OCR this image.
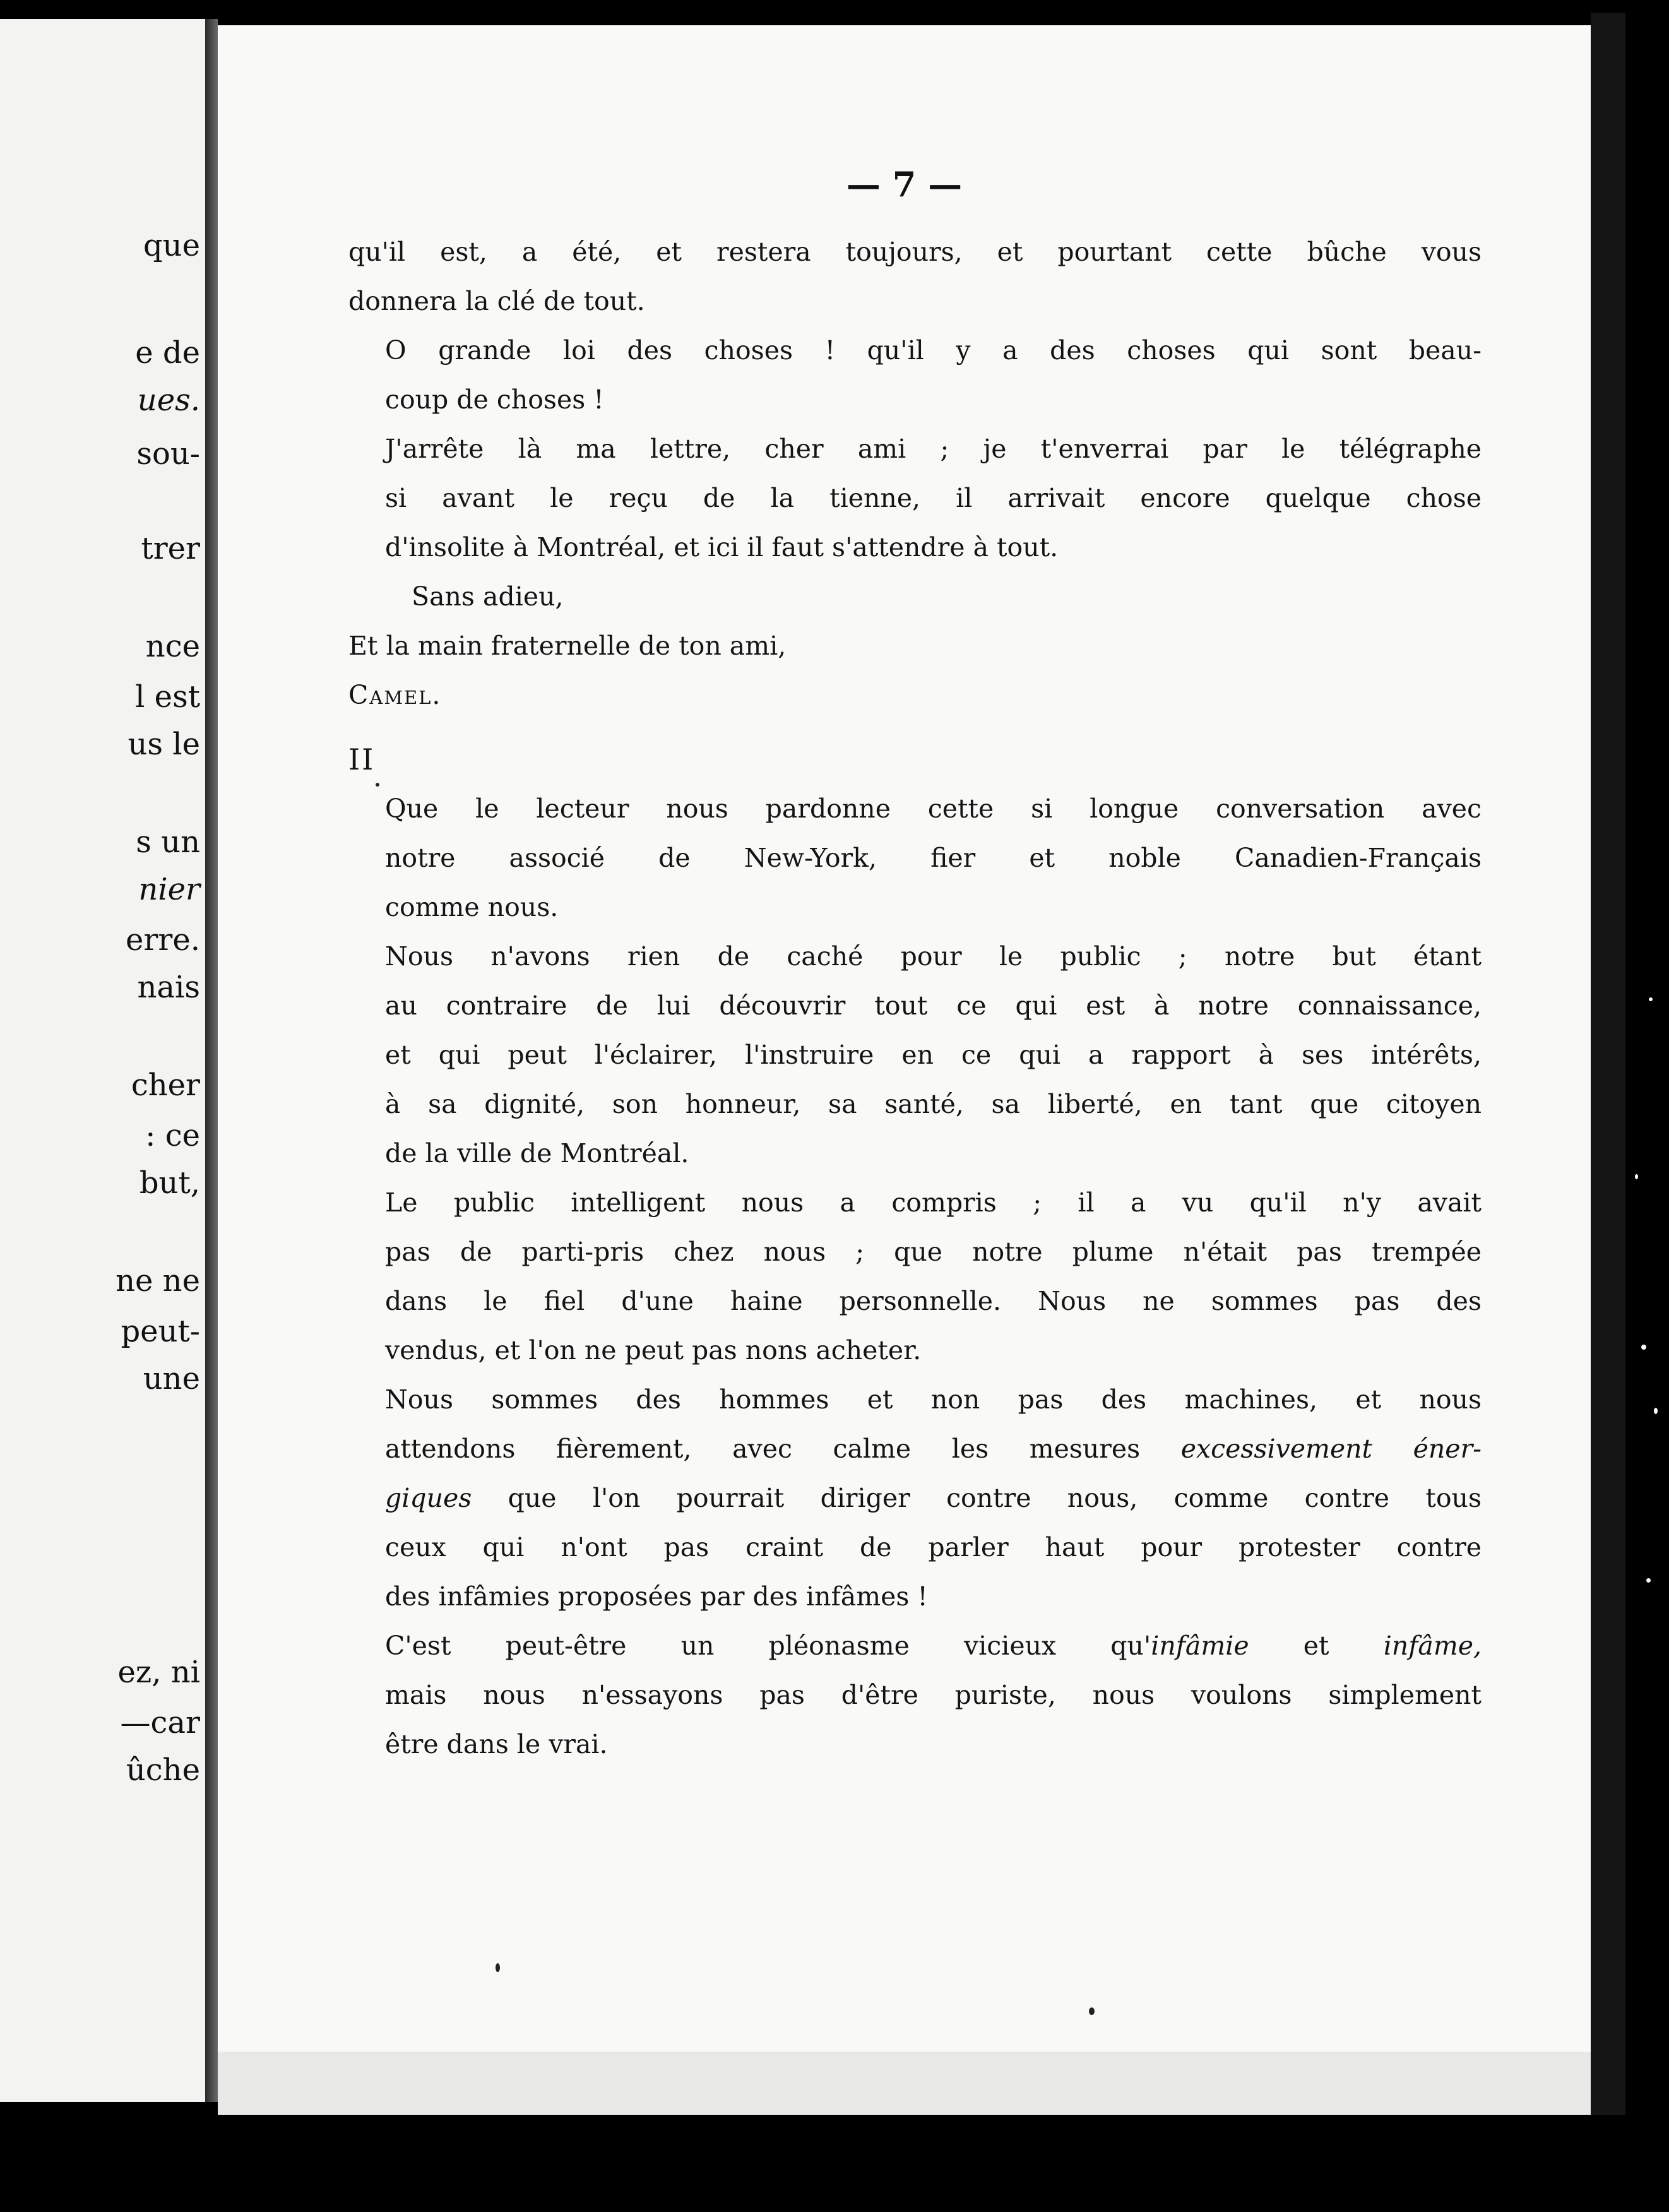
que
e de
ues.
sou-
trer
nce
l est
us le
s un
nier
erre.
nais
cher
: ce
but,
ne ne
peut-
une
ez, ni
—car
ûche
— 7 —

qu'il est, a été, et restera toujours, et pourtant cette bûche vous
donnera la clé de tout.

O grande loi des choses ! qu'il y a des choses qui sont beau-
coup de choses !

J'arrête là ma lettre, cher ami ; je t'enverrai par le télégraphe
si avant le reçu de la tienne, il arrivait encore quelque chose
d'insolite à Montréal, et ici il faut s'attendre à tout.

Sans adieu,

Et la main fraternelle de ton ami,

Camel.

II

Que le lecteur nous pardonne cette si longue conversation avec
notre associé de New-York, fier et noble Canadien-Français
comme nous.

Nous n'avons rien de caché pour le public ; notre but étant
au contraire de lui découvrir tout ce qui est à notre connaissance,
et qui peut l'éclairer, l'instruire en ce qui a rapport à ses intérêts,
à sa dignité, son honneur, sa santé, sa liberté, en tant que citoyen
de la ville de Montréal.

Le public intelligent nous a compris ; il a vu qu'il n'y avait
pas de parti-pris chez nous ; que notre plume n'était pas trempée
dans le fiel d'une haine personnelle. Nous ne sommes pas des
vendus, et l'on ne peut pas nons acheter.

Nous sommes des hommes et non pas des machines, et nous
attendons fièrement, avec calme les mesures excessivement éner-
giques que l'on pourrait diriger contre nous, comme contre tous
ceux qui n'ont pas craint de parler haut pour protester contre
des infâmies proposées par des infâmes !

C'est peut-être un pléonasme vicieux qu'infâmie et infâme,
mais nous n'essayons pas d'être puriste, nous voulons simplement
être dans le vrai.
